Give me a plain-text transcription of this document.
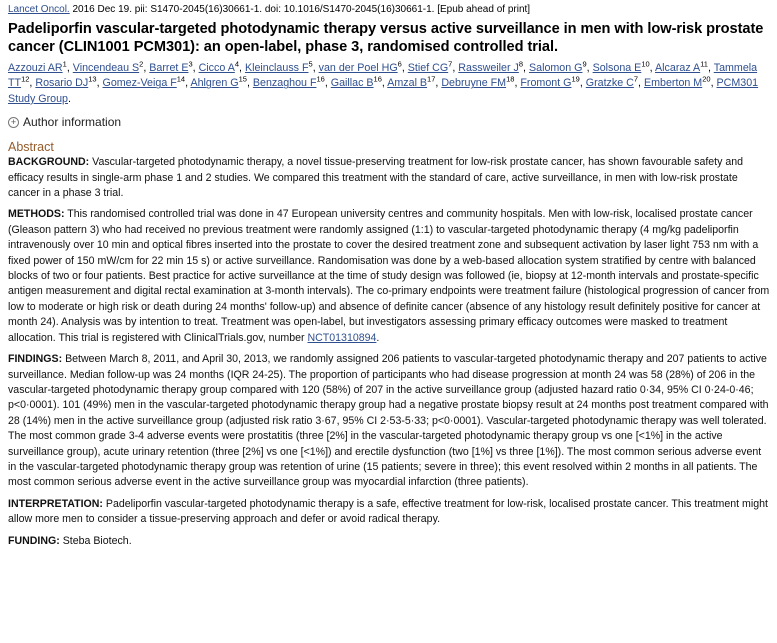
Lancet Oncol. 2016 Dec 19. pii: S1470-2045(16)30661-1. doi: 10.1016/S1470-2045(16)30661-1. [Epub ahead of print]
Padeliporfin vascular-targeted photodynamic therapy versus active surveillance in men with low-risk prostate cancer (CLIN1001 PCM301): an open-label, phase 3, randomised controlled trial.
Azzouzi $AR^1$, Vincendeau $S^2$, Barret $E^3$, Cicco $A^4$, Kleinclauss $F^5$, van der Poel $HG^6$, Stief $CG^7$, Rassweiler $J^8$, Salomon $G^9$, Solsona $E^{10}$, Alcaraz $A^{11}$, Tammela TT$^{12}$, Rosario DJ$^{13}$, Gomez-Veiga $F^{14}$, Ahlgren $G^{15}$, Benzaghou $F^{16}$, Gaillac $B^{16}$, Amzal $B^{17}$, Debruyne FM$^{18}$, Fromont $G^{19}$, Gratzke $C^7$, Emberton $M^{20}$, PCM301 Study Group.
+ Author information
Abstract

BACKGROUND: Vascular-targeted photodynamic therapy, a novel tissue-preserving treatment for low-risk prostate cancer, has shown favourable safety and efficacy results in single-arm phase 1 and 2 studies. We compared this treatment with the standard of care, active surveillance, in men with low-risk prostate cancer in a phase 3 trial.

METHODS: This randomised controlled trial was done in 47 European university centres and community hospitals. Men with low-risk, localised prostate cancer (Gleason pattern 3) who had received no previous treatment were randomly assigned (1:1) to vascular-targeted photodynamic therapy (4 mg/kg padeliporfin intravenously over 10 min and optical fibres inserted into the prostate to cover the desired treatment zone and subsequent activation by laser light 753 nm with a fixed power of 150 mW/cm for 22 min 15 s) or active surveillance. Randomisation was done by a web-based allocation system stratified by centre with balanced blocks of two or four patients. Best practice for active surveillance at the time of study design was followed (ie, biopsy at 12-month intervals and prostate-specific antigen measurement and digital rectal examination at 3-month intervals). The co-primary endpoints were treatment failure (histological progression of cancer from low to moderate or high risk or death during 24 months' follow-up) and absence of definite cancer (absence of any histology result definitely positive for cancer at month 24). Analysis was by intention to treat. Treatment was open-label, but investigators assessing primary efficacy outcomes were masked to treatment allocation. This trial is registered with ClinicalTrials.gov, number NCT01310894.

FINDINGS: Between March 8, 2011, and April 30, 2013, we randomly assigned 206 patients to vascular-targeted photodynamic therapy and 207 patients to active surveillance. Median follow-up was 24 months (IQR 24-25). The proportion of participants who had disease progression at month 24 was 58 (28%) of 206 in the vascular-targeted photodynamic therapy group compared with 120 (58%) of 207 in the active surveillance group (adjusted hazard ratio 0·34, 95% CI 0·24-0·46; p<0·0001). 101 (49%) men in the vascular-targeted photodynamic therapy group had a negative prostate biopsy result at 24 months post treatment compared with 28 (14%) men in the active surveillance group (adjusted risk ratio 3·67, 95% CI 2·53-5·33; p<0·0001). Vascular-targeted photodynamic therapy was well tolerated. The most common grade 3-4 adverse events were prostatitis (three [2%] in the vascular-targeted photodynamic therapy group vs one [<1%] in the active surveillance group), acute urinary retention (three [2%] vs one [<1%]) and erectile dysfunction (two [1%] vs three [1%]). The most common serious adverse event in the vascular-targeted photodynamic therapy group was retention of urine (15 patients; severe in three); this event resolved within 2 months in all patients. The most common serious adverse event in the active surveillance group was myocardial infarction (three patients).

INTERPRETATION: Padeliporfin vascular-targeted photodynamic therapy is a safe, effective treatment for low-risk, localised prostate cancer. This treatment might allow more men to consider a tissue-preserving approach and defer or avoid radical therapy.

FUNDING: Steba Biotech.
